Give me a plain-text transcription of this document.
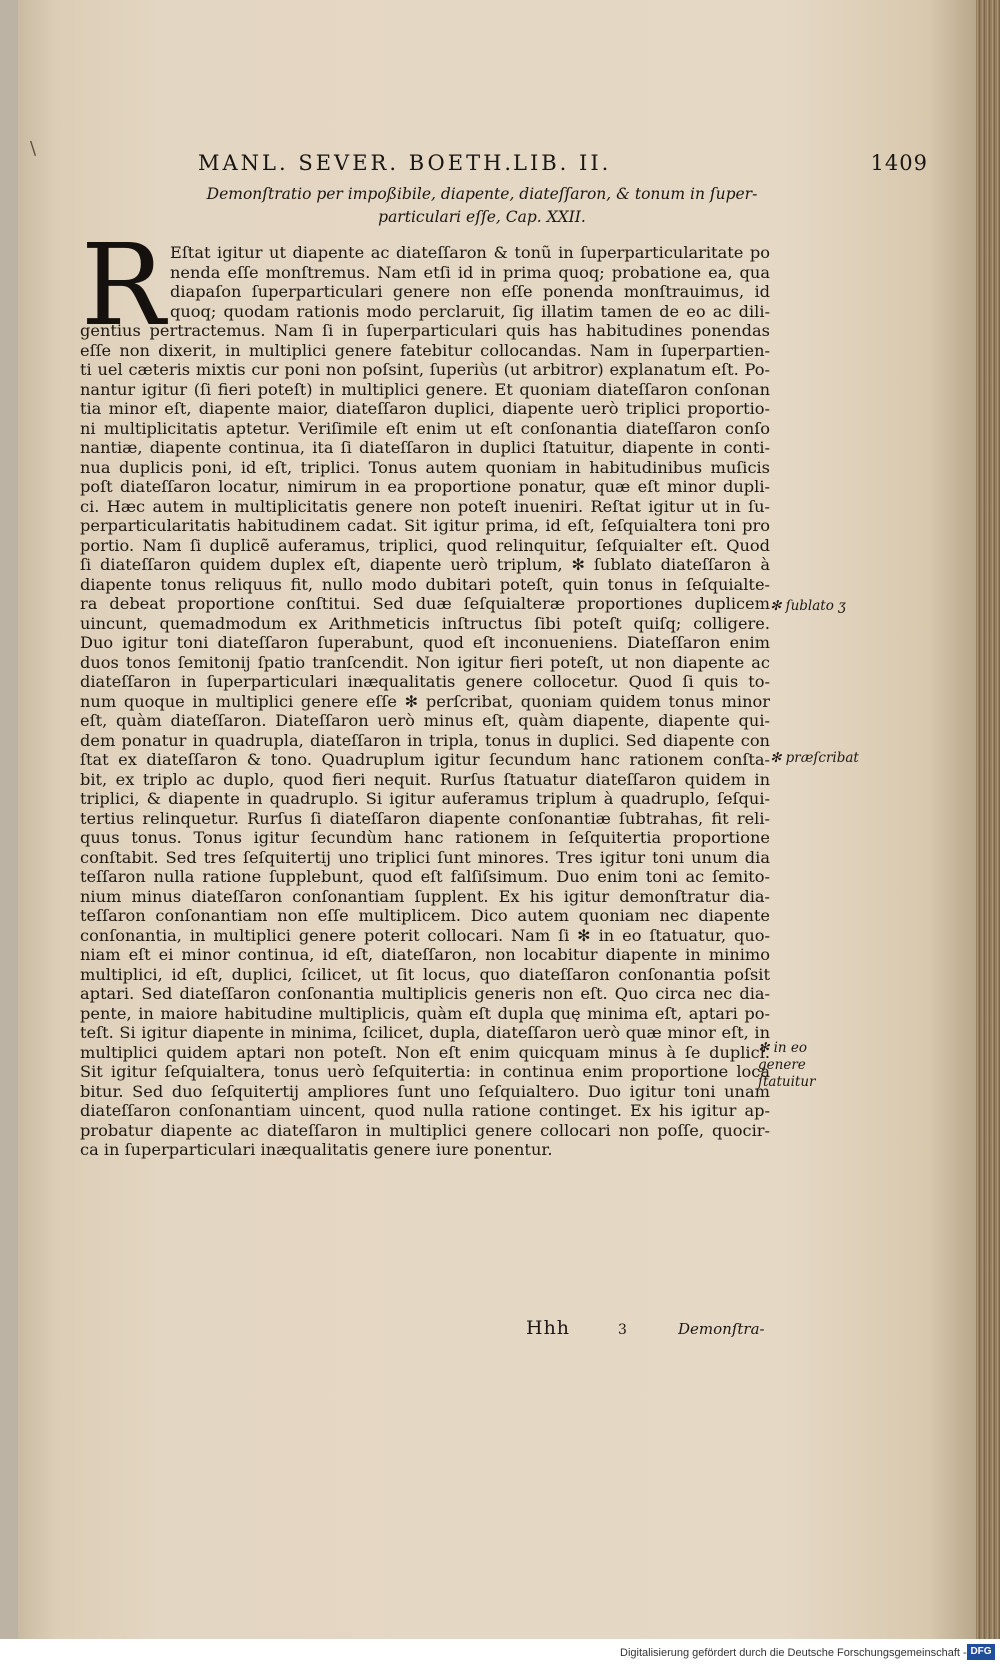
\
MANL. SEVER. BOETH.
LIB. II.	1409
Demonſtratio per impoßibile, diapente, diateſſaron, & tonum in ſuper-
particulari eſſe, Cap. XXII.
R Eſtat igitur ut diapente ac diateſſaron & tonũ in ſuperparticularitate po
nenda eſſe monſtremus. Nam etſi id in prima quoq; probatione ea, qua
diapaſon ſuperparticulari genere non eſſe ponenda monſtrauimus, id
quoq; quodam rationis modo perclaruit, ſig illatim tamen de eo ac dili-
gentius pertractemus. Nam ſi in ſuperparticulari quis has habitudines ponendas
eſſe non dixerit, in multiplici genere fatebitur collocandas. Nam in ſuperpartien-
ti uel cæteris mixtis cur poni non poſsint, ſuperiùs (ut arbitror) explanatum eſt. Po-
nantur igitur (ſi fieri poteſt) in multiplici genere. Et quoniam diateſſaron conſonan
tia minor eſt, diapente maior, diateſſaron duplici, diapente uerò triplici proportio-
ni multiplicitatis aptetur. Veriſimile eſt enim ut eſt conſonantia diateſſaron conſo
nantiæ, diapente continua, ita ſi diateſſaron in duplici ſtatuitur, diapente in conti-
nua duplicis poni, id eſt, triplici. Tonus autem quoniam in habitudinibus muſicis
poſt diateſſaron locatur, nimirum in ea proportione ponatur, quæ eſt minor dupli-
ci. Hæc autem in multiplicitatis genere non poteſt inueniri. Reſtat igitur ut in ſu-
perparticularitatis habitudinem cadat. Sit igitur prima, id eſt, ſeſquialtera toni pro
portio. Nam ſi duplicẽ auferamus, triplici, quod relinquitur, ſeſquialter eſt. Quod
ſi diateſſaron quidem duplex eſt, diapente uerò triplum, ✻ ſublato diateſſaron à
diapente tonus reliquus fit, nullo modo dubitari poteſt, quin tonus in ſeſquialte-
ra debeat proportione conſtitui. Sed duæ ſeſquialteræ proportiones duplicem
uincunt, quemadmodum ex Arithmeticis inſtructus ſibi poteſt quiſq; colligere.
Duo igitur toni diateſſaron ſuperabunt, quod eſt inconueniens. Diateſſaron enim
duos tonos ſemitonij ſpatio tranſcendit. Non igitur fieri poteſt, ut non diapente ac
diateſſaron in ſuperparticulari inæqualitatis genere collocetur. Quod ſi quis to-
num quoque in multiplici genere eſſe ✻ perſcribat, quoniam quidem tonus minor
eſt, quàm diateſſaron. Diateſſaron uerò minus eſt, quàm diapente, diapente qui-
dem ponatur in quadrupla, diateſſaron in tripla, tonus in duplici. Sed diapente con
ſtat ex diateſſaron & tono. Quadruplum igitur ſecundum hanc rationem conſta-
bit, ex triplo ac duplo, quod fieri nequit. Rurſus ſtatuatur diateſſaron quidem in
triplici, & diapente in quadruplo. Si igitur auferamus triplum à quadruplo, ſeſqui-
tertius relinquetur. Rurſus ſi diateſſaron diapente conſonantiæ ſubtrahas, fit reli-
quus tonus. Tonus igitur ſecundùm hanc rationem in ſeſquitertia proportione
conſtabit. Sed tres ſeſquitertij uno triplici ſunt minores. Tres igitur toni unum dia
teſſaron nulla ratione ſupplebunt, quod eſt falſiſsimum. Duo enim toni ac ſemito-
nium minus diateſſaron conſonantiam ſupplent. Ex his igitur demonſtratur dia-
teſſaron conſonantiam non eſſe multiplicem. Dico autem quoniam nec diapente
conſonantia, in multiplici genere poterit collocari. Nam ſi ✻ in eo ſtatuatur, quo-
niam eſt ei minor continua, id eſt, diateſſaron, non locabitur diapente in minimo
multiplici, id eſt, duplici, ſcilicet, ut ſit locus, quo diateſſaron conſonantia poſsit
aptari. Sed diateſſaron conſonantia multiplicis generis non eſt. Quo circa nec dia-
pente, in maiore habitudine multiplicis, quàm eſt dupla quę minima eſt, aptari po-
teſt. Si igitur diapente in minima, ſcilicet, dupla, diateſſaron uerò quæ minor eſt, in
multiplici quidem aptari non poteſt. Non eſt enim quicquam minus à ſe duplici.
Sit igitur ſeſquialtera, tonus uerò ſeſquitertia: in continua enim proportione loca
bitur. Sed duo ſeſquitertij ampliores ſunt uno ſeſquialtero. Duo igitur toni unam
diateſſaron conſonantiam uincent, quod nulla ratione continget. Ex his igitur ap-
probatur diapente ac diateſſaron in multiplici genere collocari non poſſe, quocir-
ca in ſuperparticulari inæqualitatis genere iure ponentur.
✻ ſublato ʒ
✻ præſcribat
✻ in eo genere ſtatuitur
Hhh	3	Demonſtra-
Digitalisierung gefördert durch die Deutsche Forschungsgemeinschaft - DFG
